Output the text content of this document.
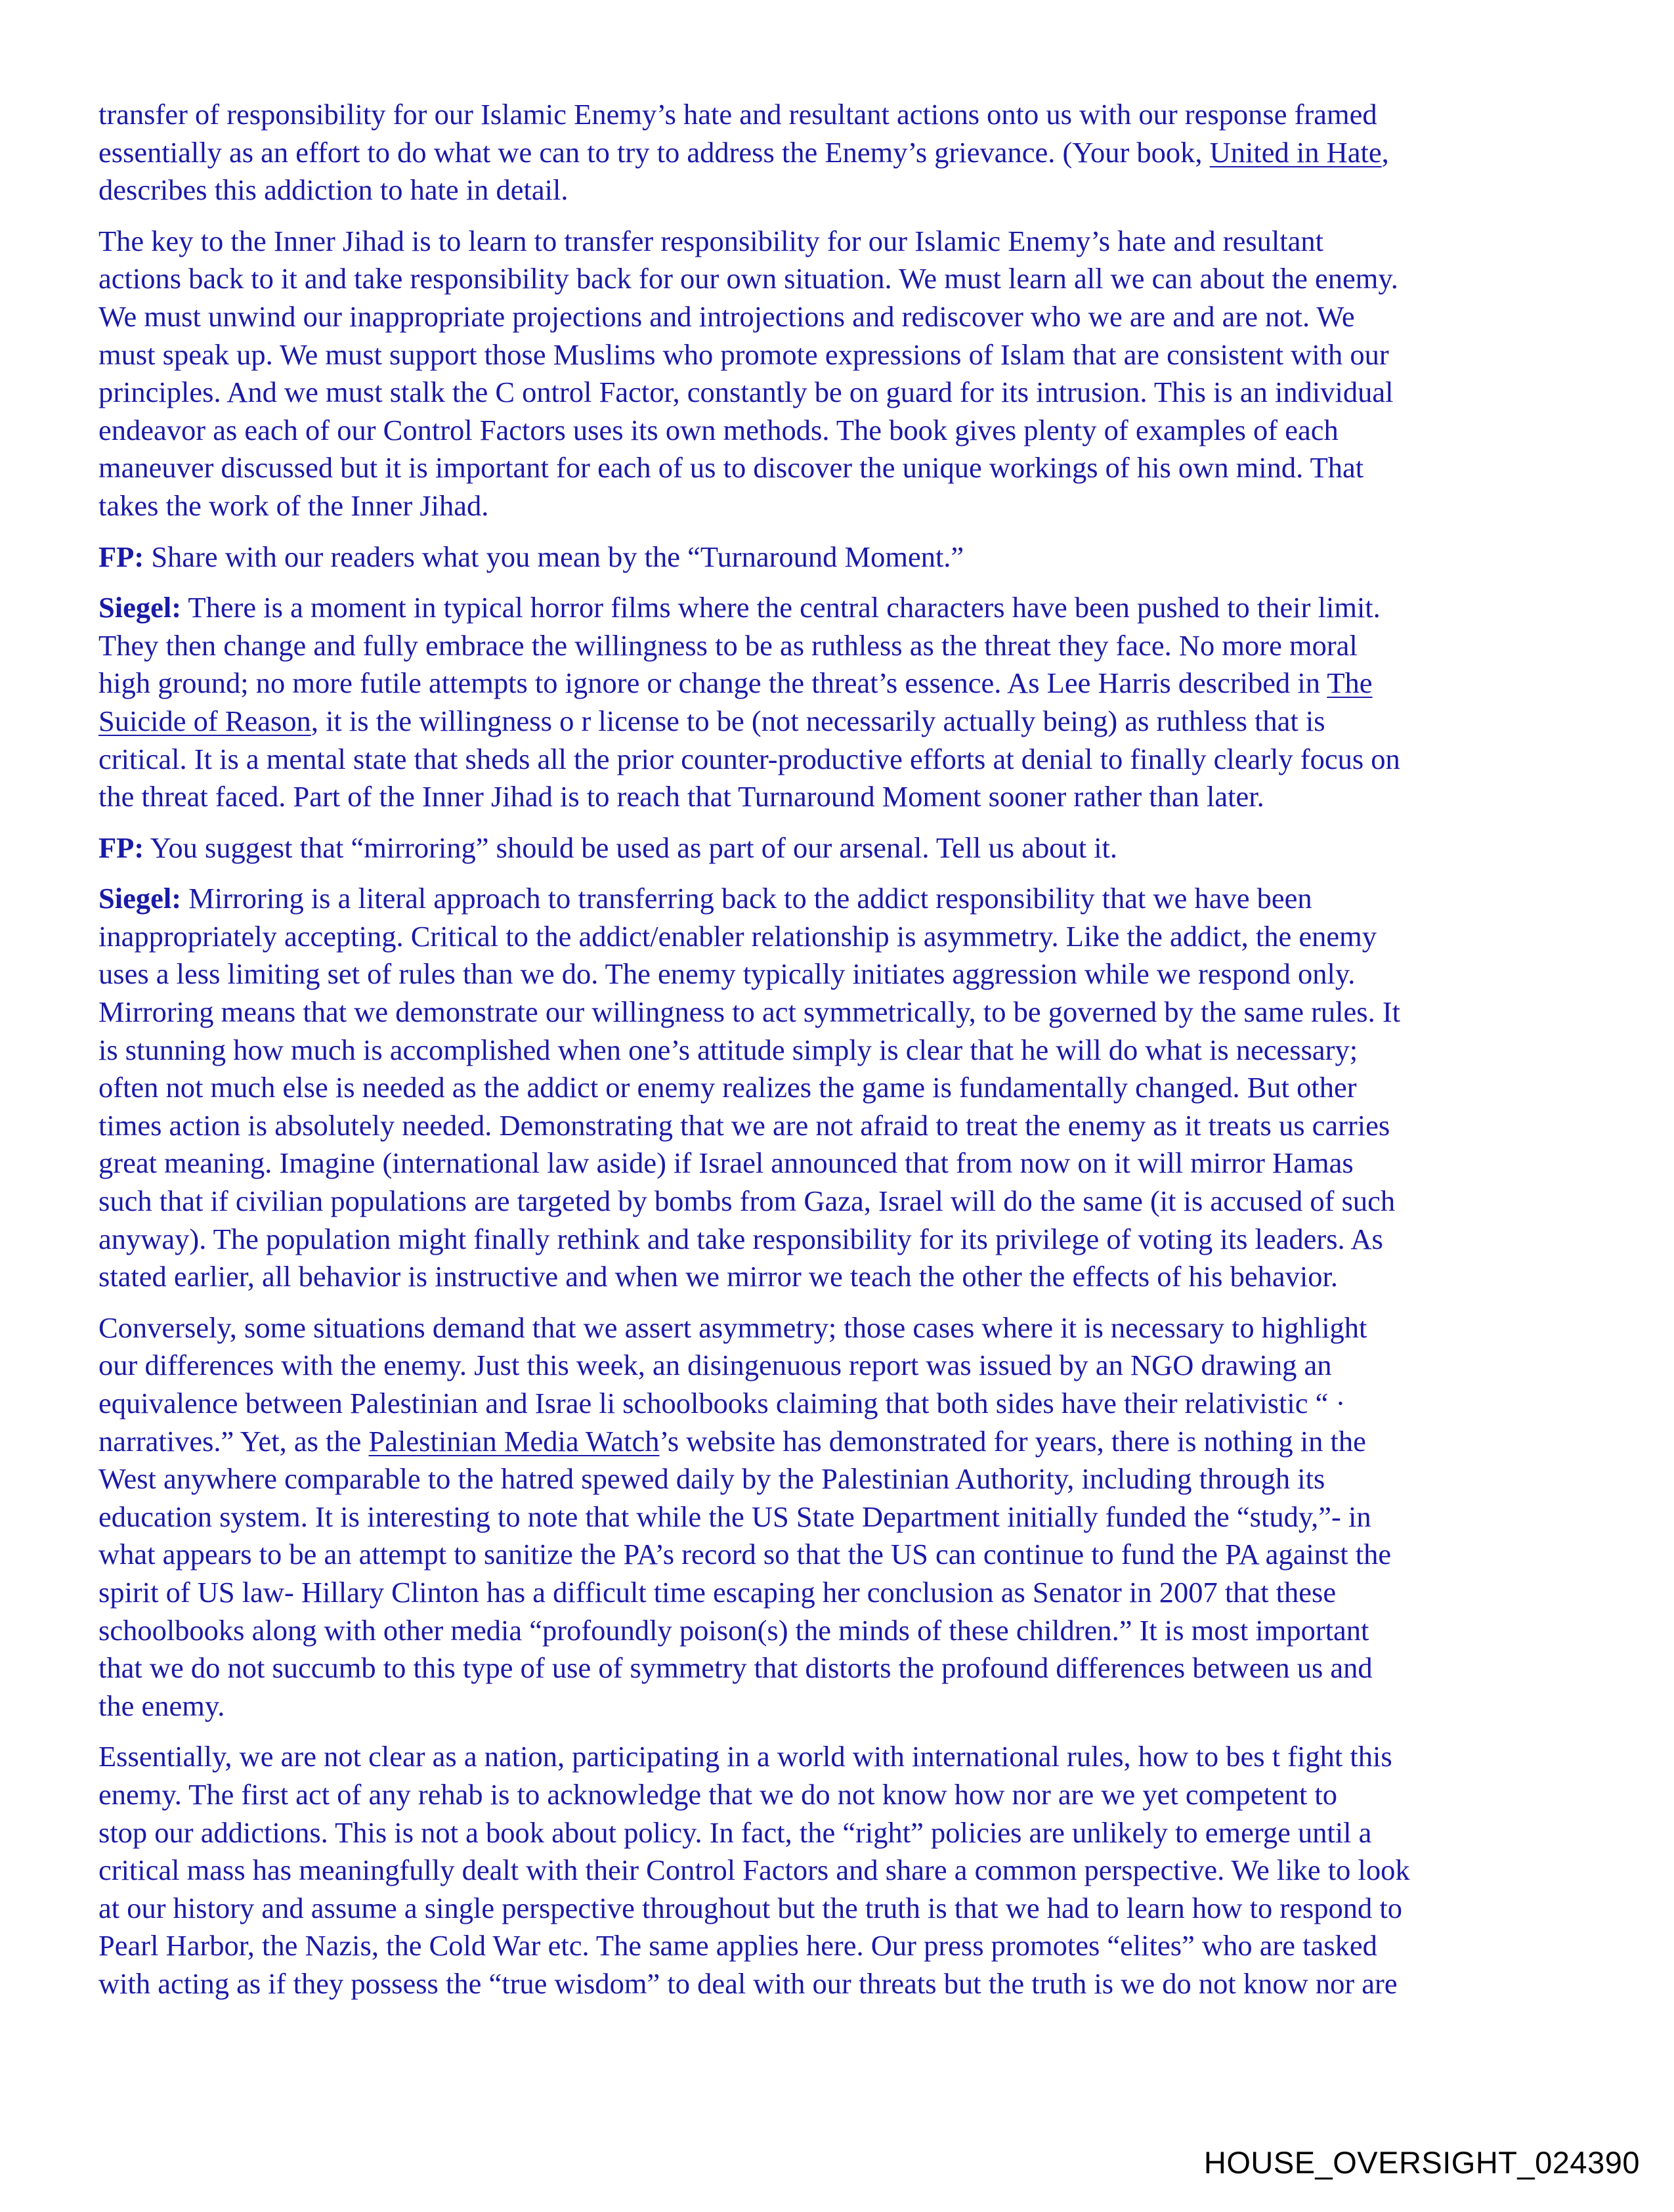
transfer of responsibility for our Islamic Enemy’s hate and resultant actions onto us with our response framed
essentially as an effort to do what we can to try to address the Enemy’s grievance. (Your book, United in Hate,
describes this addiction to hate in detail.
The key to the Inner Jihad is to learn to transfer responsibility for our Islamic Enemy’s hate and resultant
actions back to it and take responsibility back for our own situation. We must learn all we can about the enemy.
We must unwind our inappropriate projections and introjections and rediscover who we are and are not. We
must speak up. We must support those Muslims who promote expressions of Islam that are consistent with our
principles. And we must stalk the C ontrol Factor, constantly be on guard for its intrusion. This is an individual
endeavor as each of our Control Factors uses its own methods. The book gives plenty of examples of each
maneuver discussed but it is important for each of us to discover the unique workings of his own mind. That
takes the work of the Inner Jihad.
FP: Share with our readers what you mean by the “Turnaround Moment.”
Siegel: There is a moment in typical horror films where the central characters have been pushed to their limit.
They then change and fully embrace the willingness to be as ruthless as the threat they face. No more moral
high ground; no more futile attempts to ignore or change the threat’s essence. As Lee Harris described in The
Suicide of Reason, it is the willingness o r license to be (not necessarily actually being) as ruthless that is
critical. It is a mental state that sheds all the prior counter-productive efforts at denial to finally clearly focus on
the threat faced. Part of the Inner Jihad is to reach that Turnaround Moment sooner rather than later.
FP: You suggest that “mirroring” should be used as part of our arsenal. Tell us about it.
Siegel: Mirroring is a literal approach to transferring back to the addict responsibility that we have been
inappropriately accepting. Critical to the addict/enabler relationship is asymmetry. Like the addict, the enemy
uses a less limiting set of rules than we do. The enemy typically initiates aggression while we respond only.
Mirroring means that we demonstrate our willingness to act symmetrically, to be governed by the same rules. It
is stunning how much is accomplished when one’s attitude simply is clear that he will do what is necessary;
often not much else is needed as the addict or enemy realizes the game is fundamentally changed. But other
times action is absolutely needed. Demonstrating that we are not afraid to treat the enemy as it treats us carries
great meaning. Imagine (international law aside) if Israel announced that from now on it will mirror Hamas
such that if civilian populations are targeted by bombs from Gaza, Israel will do the same (it is accused of such
anyway). The population might finally rethink and take responsibility for its privilege of voting its leaders. As
stated earlier, all behavior is instructive and when we mirror we teach the other the effects of his behavior.
Conversely, some situations demand that we assert asymmetry; those cases where it is necessary to highlight
our differences with the enemy. Just this week, an disingenuous report was issued by an NGO drawing an
equivalence between Palestinian and Israe li schoolbooks claiming that both sides have their relativistic “ ·
narratives.” Yet, as the Palestinian Media Watch’s website has demonstrated for years, there is nothing in the
West anywhere comparable to the hatred spewed daily by the Palestinian Authority, including through its
education system. It is interesting to note that while the US State Department initially funded the “study,”- in
what appears to be an attempt to sanitize the PA’s record so that the US can continue to fund the PA against the
spirit of US law- Hillary Clinton has a difficult time escaping her conclusion as Senator in 2007 that these
schoolbooks along with other media “profoundly poison(s) the minds of these children.” It is most important
that we do not succumb to this type of use of symmetry that distorts the profound differences between us and
the enemy.
Essentially, we are not clear as a nation, participating in a world with international rules, how to bes t fight this
enemy. The first act of any rehab is to acknowledge that we do not know how nor are we yet competent to
stop our addictions. This is not a book about policy. In fact, the “right” policies are unlikely to emerge until a
critical mass has meaningfully dealt with their Control Factors and share a common perspective. We like to look
at our history and assume a single perspective throughout but the truth is that we had to learn how to respond to
Pearl Harbor, the Nazis, the Cold War etc. The same applies here. Our press promotes “elites” who are tasked
with acting as if they possess the “true wisdom” to deal with our threats but the truth is we do not know nor are
HOUSE_OVERSIGHT_024390
